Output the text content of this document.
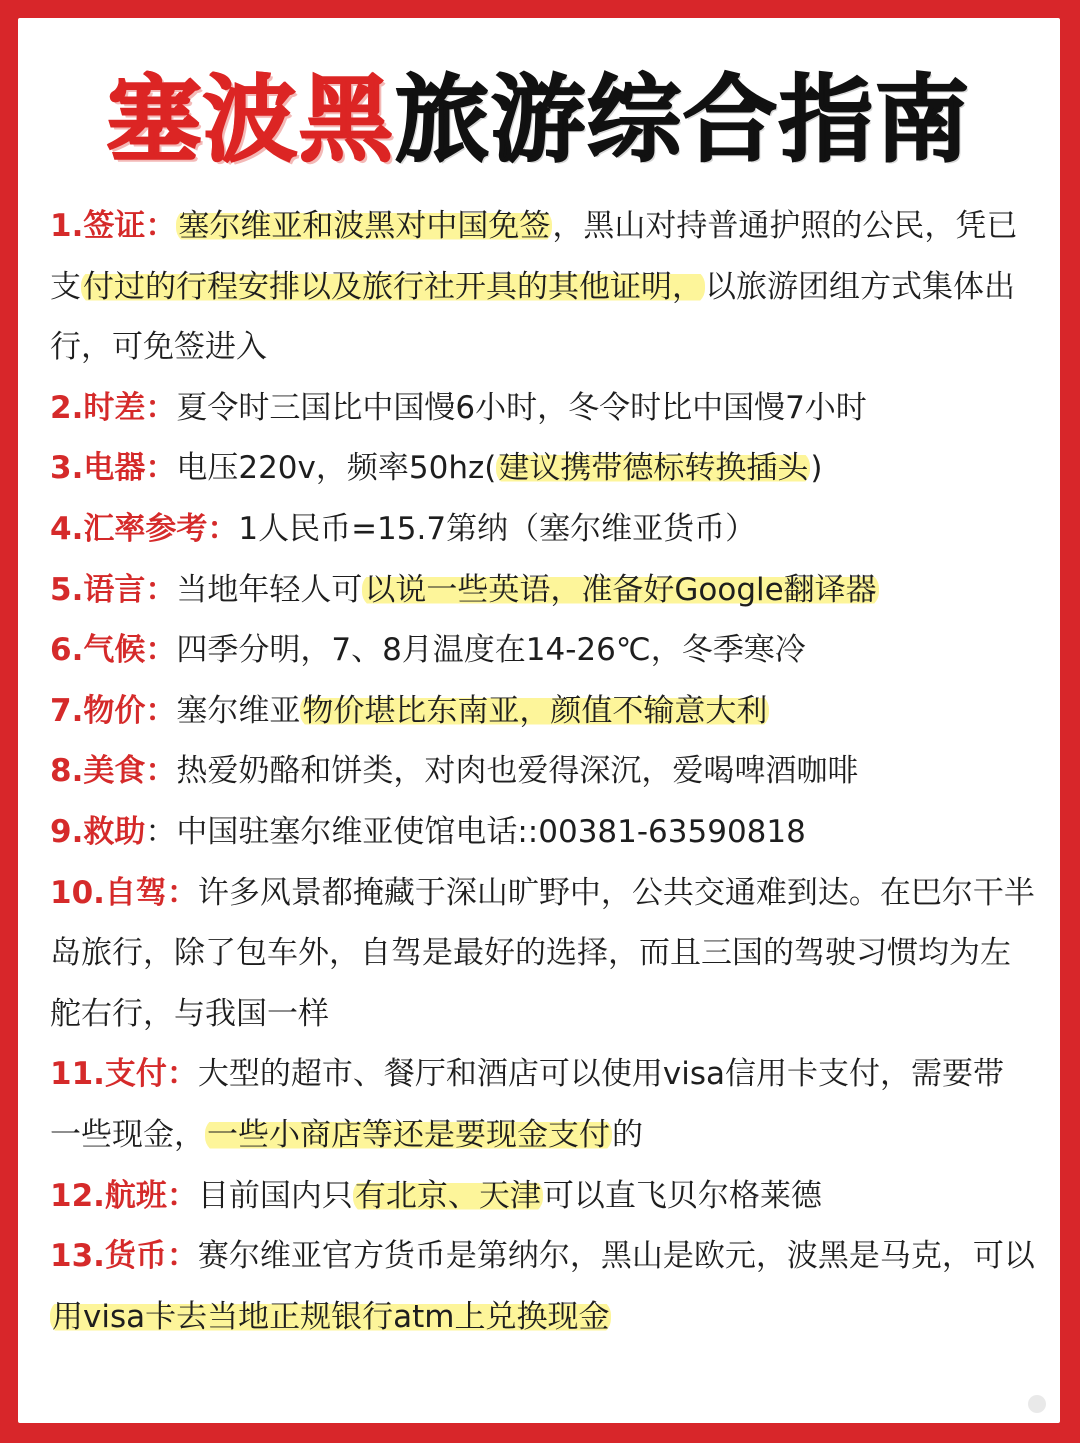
塞波黑旅游综合指南

1.签证：塞尔维亚和波黑对中国免签，黑山对持普通护照的公民，凭已支付过的行程安排以及旅行社开具的其他证明，以旅游团组方式集体出行，可免签进入

2.时差：夏令时三国比中国慢6小时，冬令时比中国慢7小时

3.电器：电压220v，频率50hz(建议携带德标转换插头)

4.汇率参考：1人民币=15.7第纳（塞尔维亚货币）

5.语言：当地年轻人可以说一些英语，准备好Google翻译器

6.气候：四季分明，7、8月温度在14-26℃，冬季寒冷

7.物价：塞尔维亚物价堪比东南亚，颜值不输意大利

8.美食：热爱奶酪和饼类，对肉也爱得深沉，爱喝啤酒咖啡

9.救助：中国驻塞尔维亚使馆电话::00381-63590818

10.自驾：许多风景都掩藏于深山旷野中，公共交通难到达。在巴尔干半岛旅行，除了包车外，自驾是最好的选择，而且三国的驾驶习惯均为左舵右行，与我国一样

11.支付：大型的超市、餐厅和酒店可以使用visa信用卡支付，需要带一些现金，一些小商店等还是要现金支付的

12.航班：目前国内只有北京、天津可以直飞贝尔格莱德

13.货币：赛尔维亚官方货币是第纳尔，黑山是欧元，波黑是马克，可以用visa卡去当地正规银行atm上兑换现金
